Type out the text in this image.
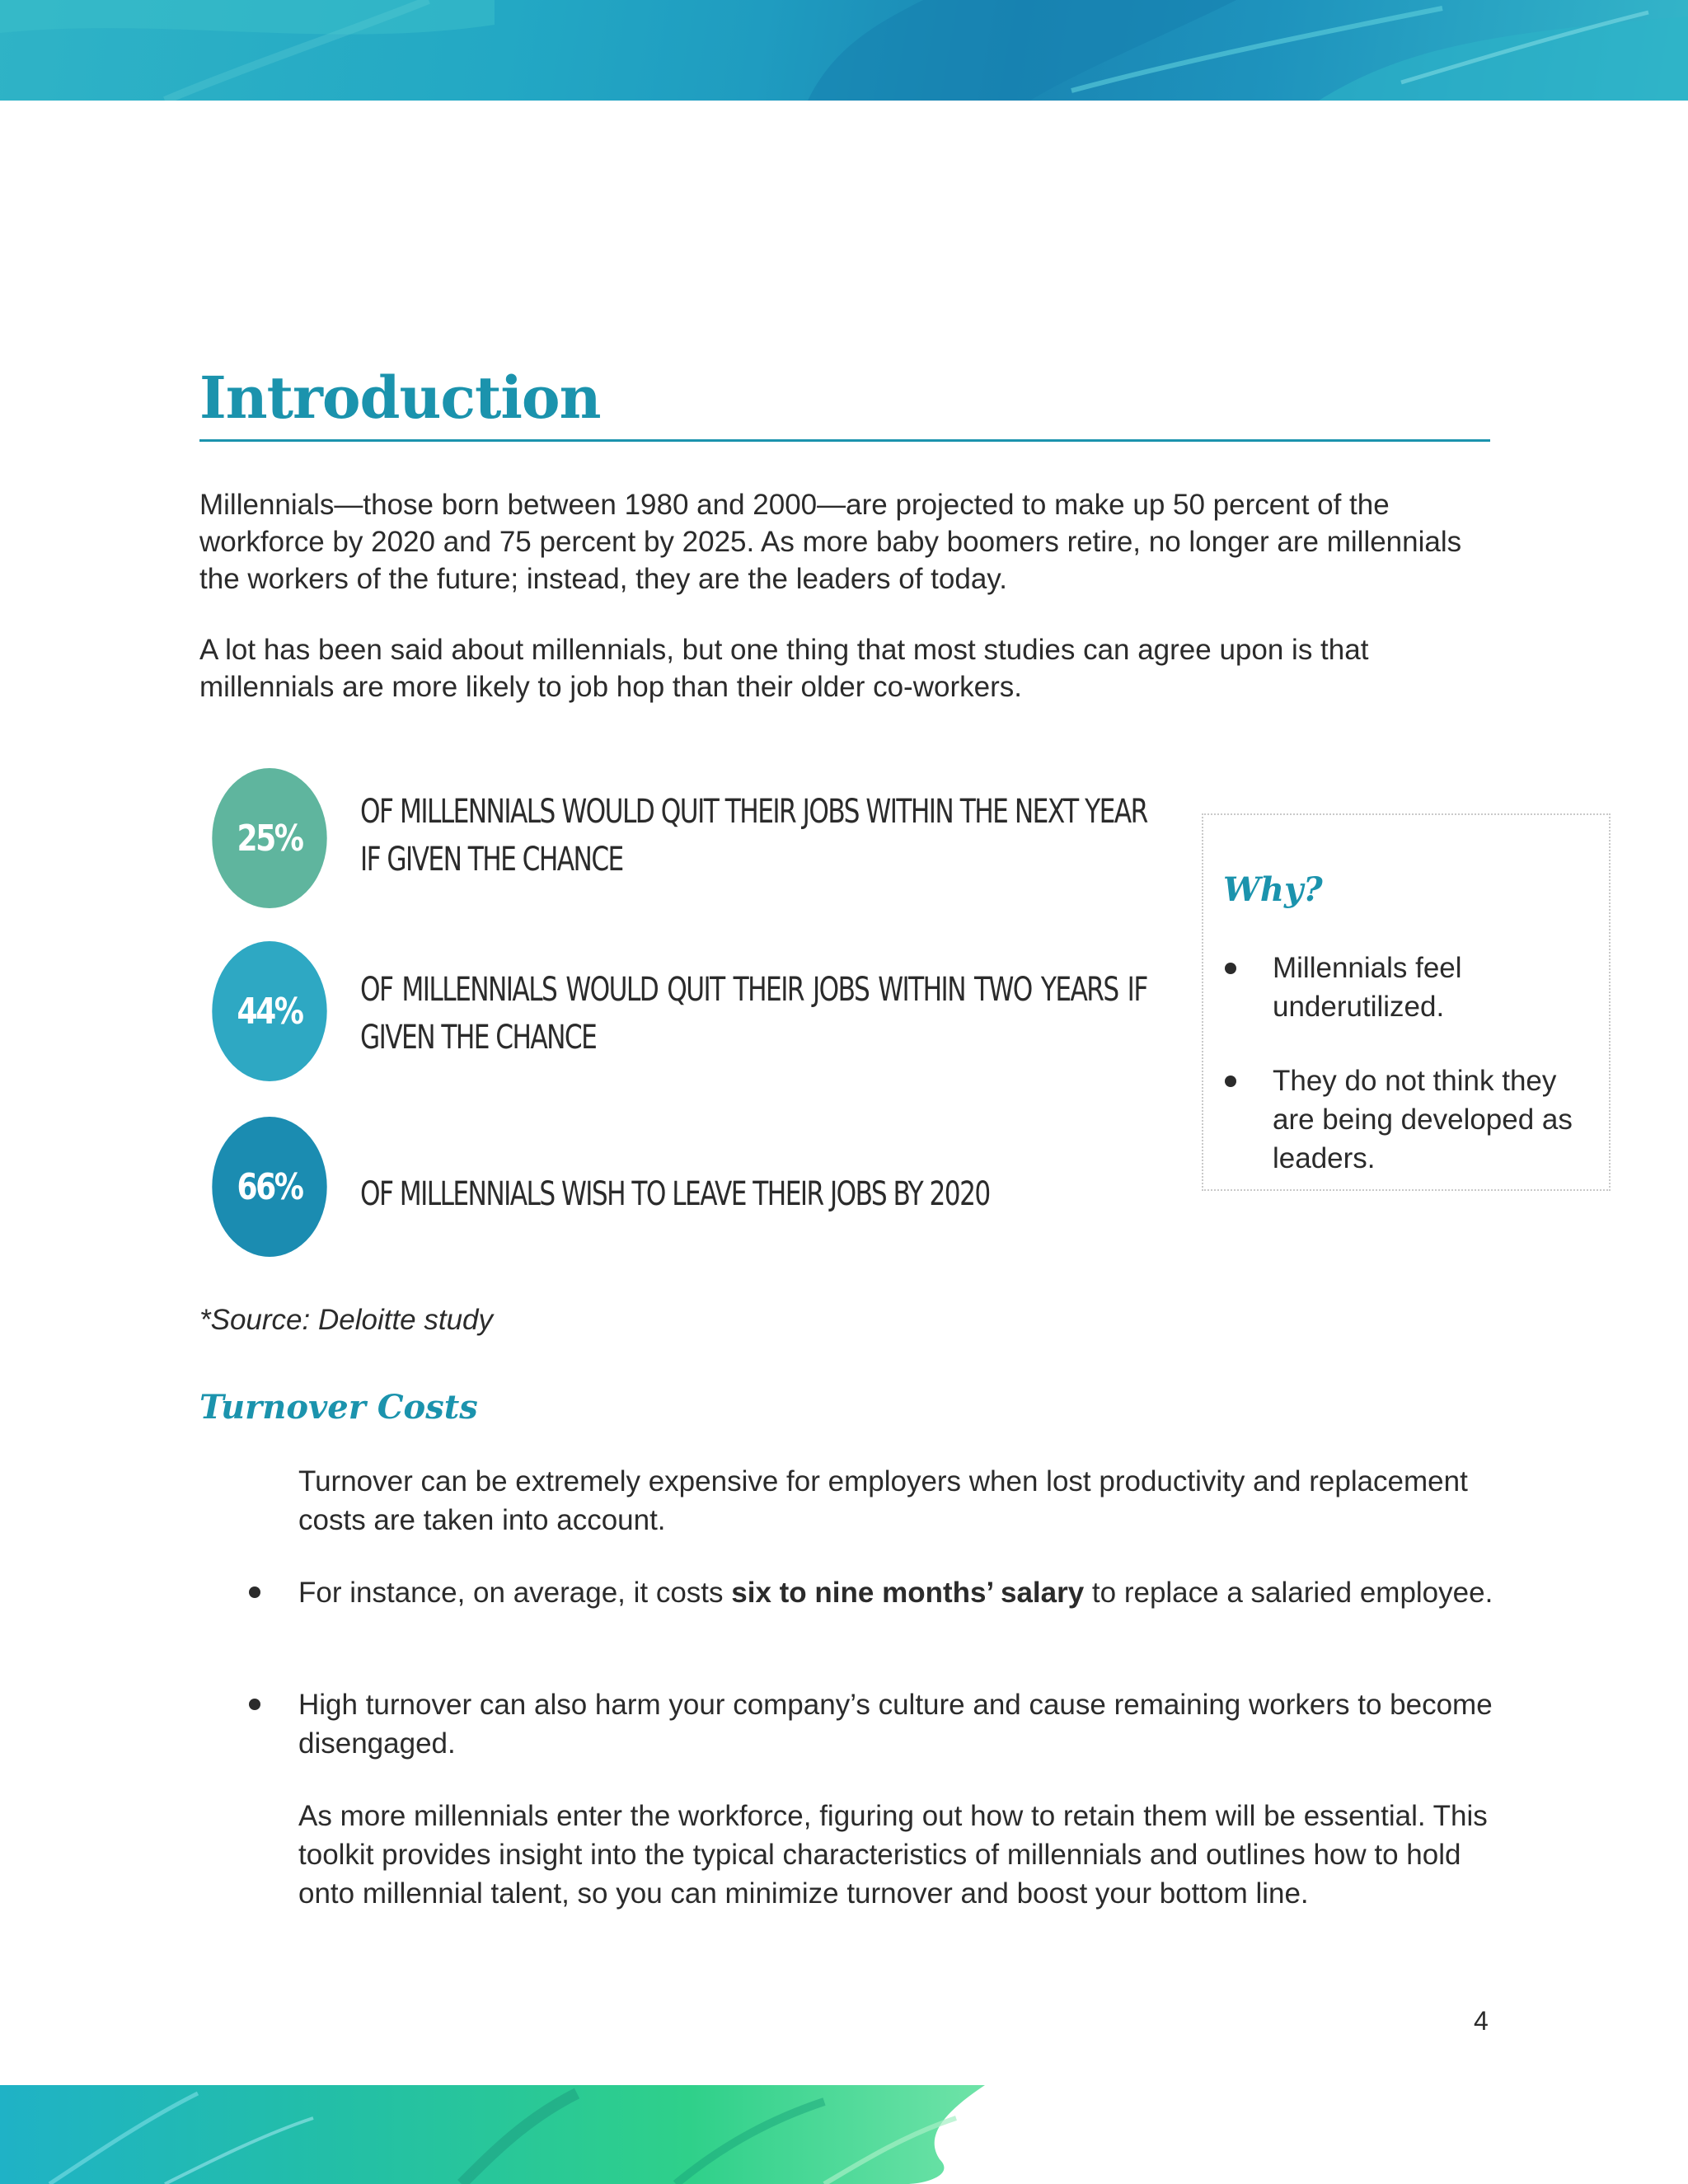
Introduction
Millennials—those born between 1980 and 2000—are projected to make up 50 percent of the workforce by 2020 and 75 percent by 2025. As more baby boomers retire, no longer are millennials the workers of the future; instead, they are the leaders of today.
A lot has been said about millennials, but one thing that most studies can agree upon is that millennials are more likely to job hop than their older co-workers.
25%
OF MILLENNIALS WOULD QUIT THEIR JOBS WITHIN THE NEXT YEAR IF GIVEN THE CHANCE
44%
OF MILLENNIALS WOULD QUIT THEIR JOBS WITHIN TWO YEARS IF GIVEN THE CHANCE
66%	OF MILLENNIALS WISH TO LEAVE THEIR JOBS BY 2020
Why?
Millennials feel underutilized.
They do not think they are being developed as leaders.
*Source: Deloitte study
Turnover Costs
Turnover can be extremely expensive for employers when lost productivity and replacement costs are taken into account.
For instance, on average, it costs six to nine months’ salary to replace a salaried employee.
High turnover can also harm your company’s culture and cause remaining workers to become disengaged.
As more millennials enter the workforce, figuring out how to retain them will be essential. This toolkit provides insight into the typical characteristics of millennials and outlines how to hold onto millennial talent, so you can minimize turnover and boost your bottom line.
4
